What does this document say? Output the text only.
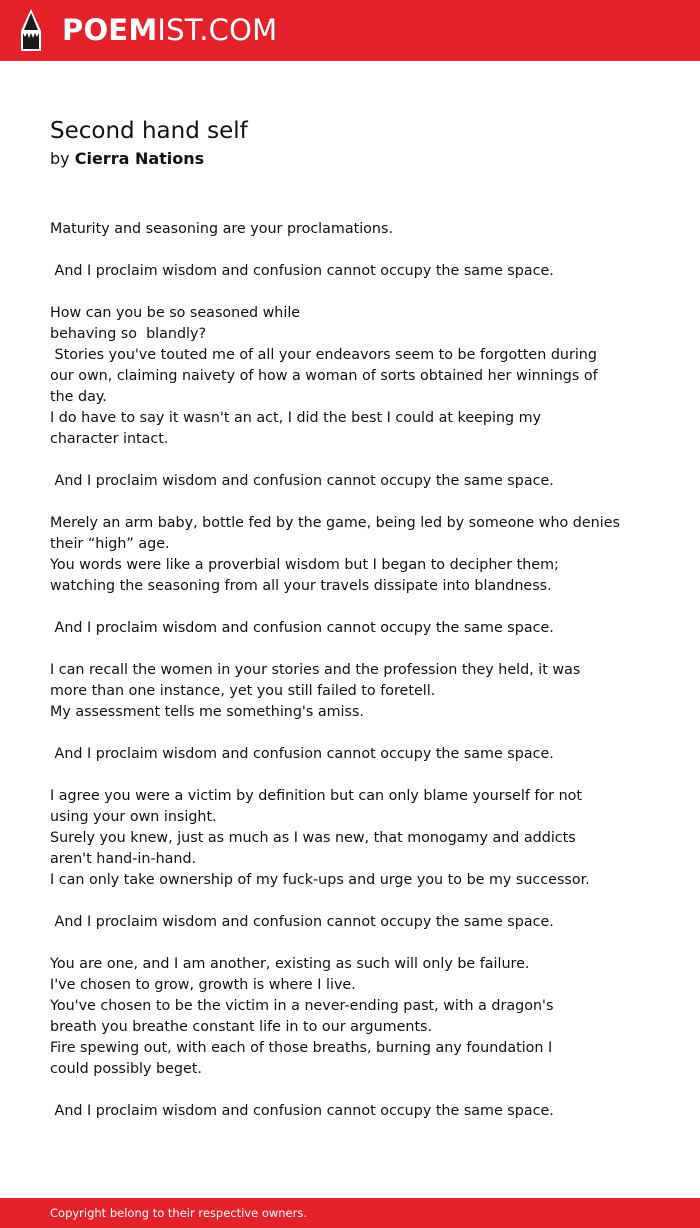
POEMIST.COM
Second hand self
by Cierra Nations
Maturity and seasoning are your proclamations.
And I proclaim wisdom and confusion cannot occupy the same space.
How can you be so seasoned while
behaving so  blandly?
Stories you've touted me of all your endeavors seem to be forgotten during
our own, claiming naivety of how a woman of sorts obtained her winnings of
the day.
I do have to say it wasn't an act, I did the best I could at keeping my
character intact.
And I proclaim wisdom and confusion cannot occupy the same space.
Merely an arm baby, bottle fed by the game, being led by someone who denies
their “high” age.
You words were like a proverbial wisdom but I began to decipher them;
watching the seasoning from all your travels dissipate into blandness.
And I proclaim wisdom and confusion cannot occupy the same space.
I can recall the women in your stories and the profession they held, it was
more than one instance, yet you still failed to foretell.
My assessment tells me something's amiss.
And I proclaim wisdom and confusion cannot occupy the same space.
I agree you were a victim by definition but can only blame yourself for not
using your own insight.
Surely you knew, just as much as I was new, that monogamy and addicts
aren't hand-in-hand.
I can only take ownership of my fuck-ups and urge you to be my successor.
And I proclaim wisdom and confusion cannot occupy the same space.
You are one, and I am another, existing as such will only be failure.
I've chosen to grow, growth is where I live.
You've chosen to be the victim in a never-ending past, with a dragon's
breath you breathe constant life in to our arguments.
Fire spewing out, with each of those breaths, burning any foundation I
could possibly beget.
And I proclaim wisdom and confusion cannot occupy the same space.
Copyright belong to their respective owners.
